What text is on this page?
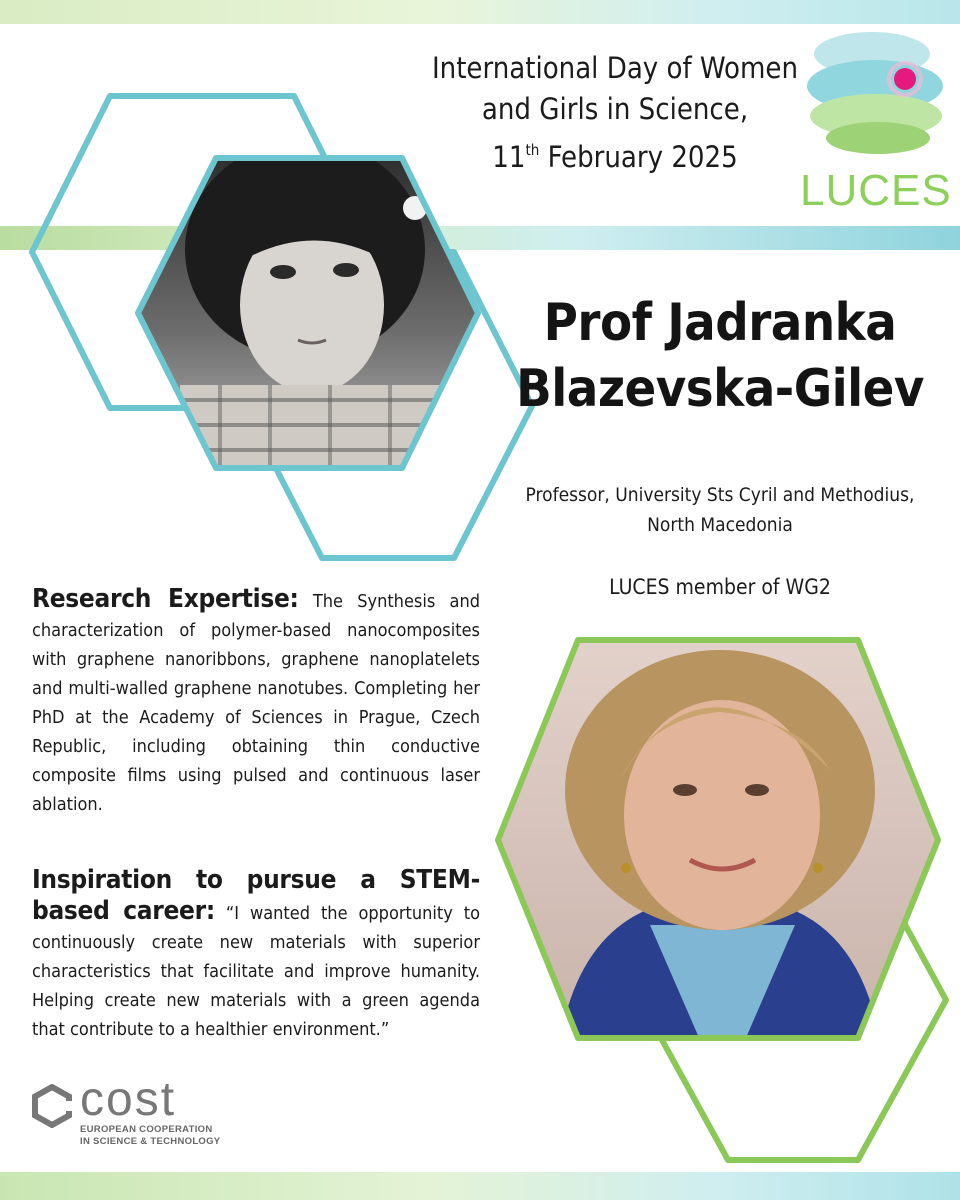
International Day of Women
and Girls in Science,
11th February 2025
LUCES
Prof Jadranka
Blazevska-Gilev
Professor, University Sts Cyril and Methodius,
North Macedonia
LUCES member of WG2
Research Expertise: The Synthesis and characterization of polymer-based nanocomposites with graphene nanoribbons, graphene nanoplatelets and multi-walled graphene nanotubes. Completing her PhD at the Academy of Sciences in Prague, Czech Republic, including obtaining thin conductive composite films using pulsed and continuous laser ablation.
Inspiration to pursue a STEM-based career: “I wanted the opportunity to continuously create new materials with superior characteristics that facilitate and improve humanity. Helping create new materials with a green agenda that contribute to a healthier environment.”
cost
EUROPEAN COOPERATION
IN SCIENCE & TECHNOLOGY
